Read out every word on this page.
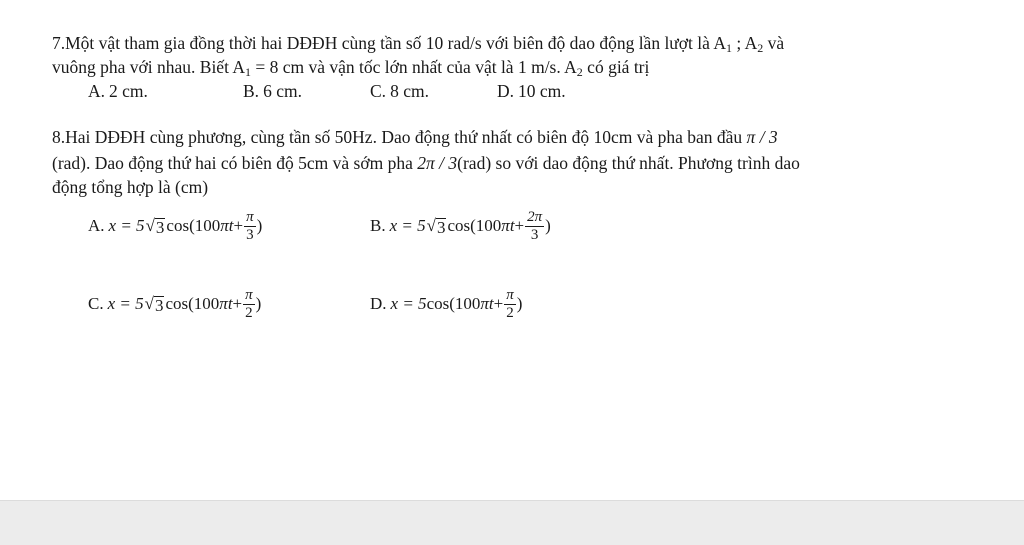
7.Một vật tham gia đồng thời hai DĐĐH cùng tần số 10 rad/s với biên độ dao động lần lượt là $A_1$ ; $A_2$ và
vuông pha với nhau. Biết $A_1 = 8$ cm và vận tốc lớn nhất của vật là 1 m/s. $A_2$ có giá trị
A. 2 cm.	B. 6 cm.	C. 8 cm.	D. 10 cm.
8.Hai DĐĐH cùng phương, cùng tần số 50Hz. Dao động thứ nhất có biên độ 10cm và pha ban đầu π / 3
(rad). Dao động thứ hai có biên độ 5cm và sớm pha 2π / 3(rad) so với dao động thứ nhất. Phương trình dao
động tổng hợp là (cm)
A. x = 5 √ 3 cos(100 $\pi t + \frac{\pi}{3}$ )	B. x = 5 √ 3 cos(100 $\pi t + \frac{2\pi}{3}$ )
C. x = 5 √ 3 cos(100 $\pi t + \frac{\pi}{2}$ )	D. x = 5 cos(100 $\pi t + \frac{\pi}{2}$ )
